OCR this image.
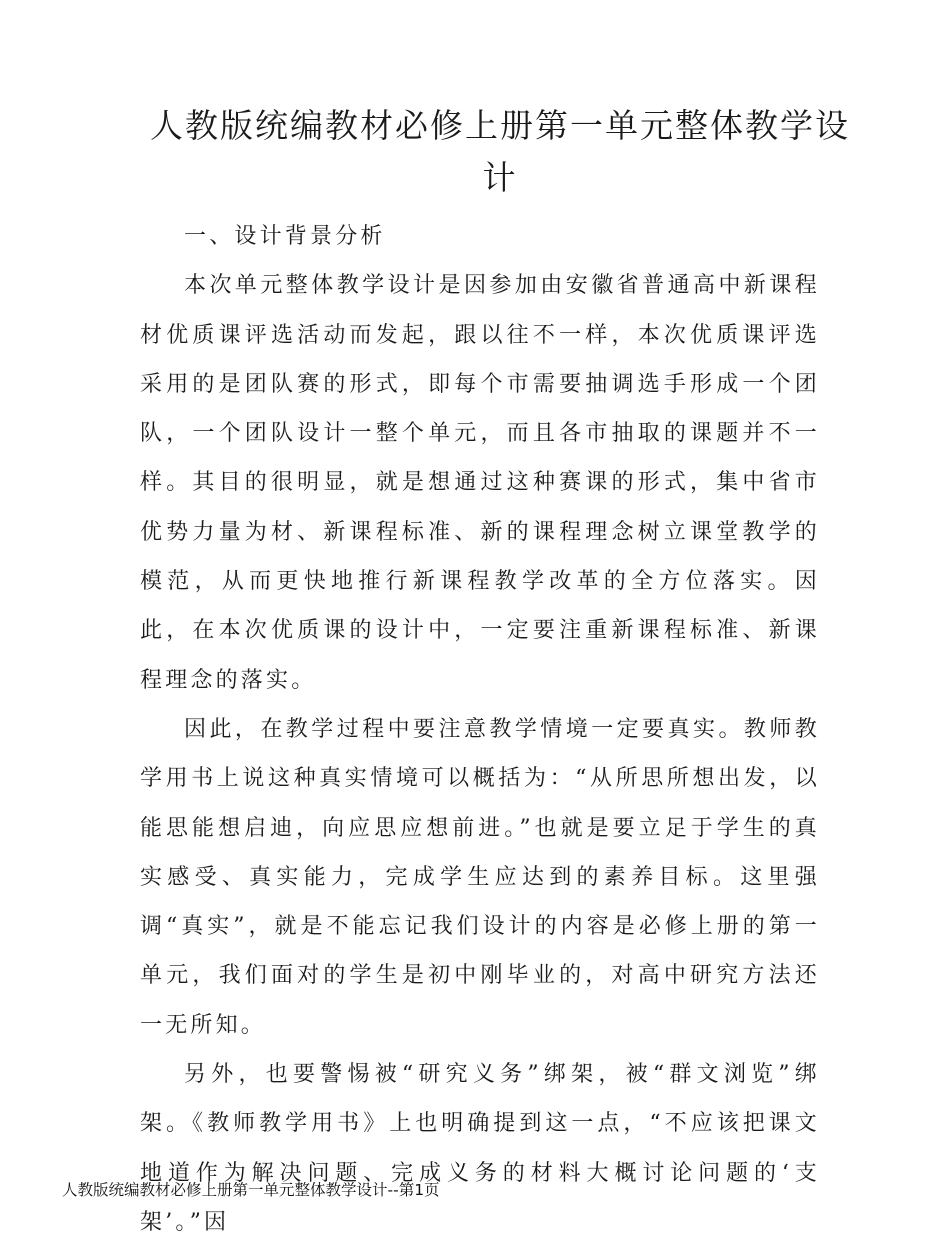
人教版统编教材必修上册第一单元整体教学设计

一、设计背景分析

本次单元整体教学设计是因参加由安徽省普通高中新课程材优质课评选活动而发起，跟以往不一样，本次优质课评选采用的是团队赛的形式，即每个市需要抽调选手形成一个团队，一个团队设计一整个单元，而且各市抽取的课题并不一样。其目的很明显，就是想通过这种赛课的形式，集中省市优势力量为材、新课程标准、新的课程理念树立课堂教学的模范，从而更快地推行新课程教学改革的全方位落实。因此，在本次优质课的设计中，一定要注重新课程标准、新课程理念的落实。

因此，在教学过程中要注意教学情境一定要真实。教师教学用书上说这种真实情境可以概括为：“从所思所想出发，以能思能想启迪，向应思应想前进。”也就是要立足于学生的真实感受、真实能力，完成学生应达到的素养目标。这里强调“真实”，就是不能忘记我们设计的内容是必修上册的第一单元，我们面对的学生是初中刚毕业的，对高中研究方法还一无所知。

另外，也要警惕被“研究义务”绑架，被“群文浏览”绑架。《教师教学用书》上也明确提到这一点，“不应该把课文地道作为解决问题、完成义务的材料大概讨论问题的‘支架’。”因

人教版统编教材必修上册第一单元整体教学设计--第1页
